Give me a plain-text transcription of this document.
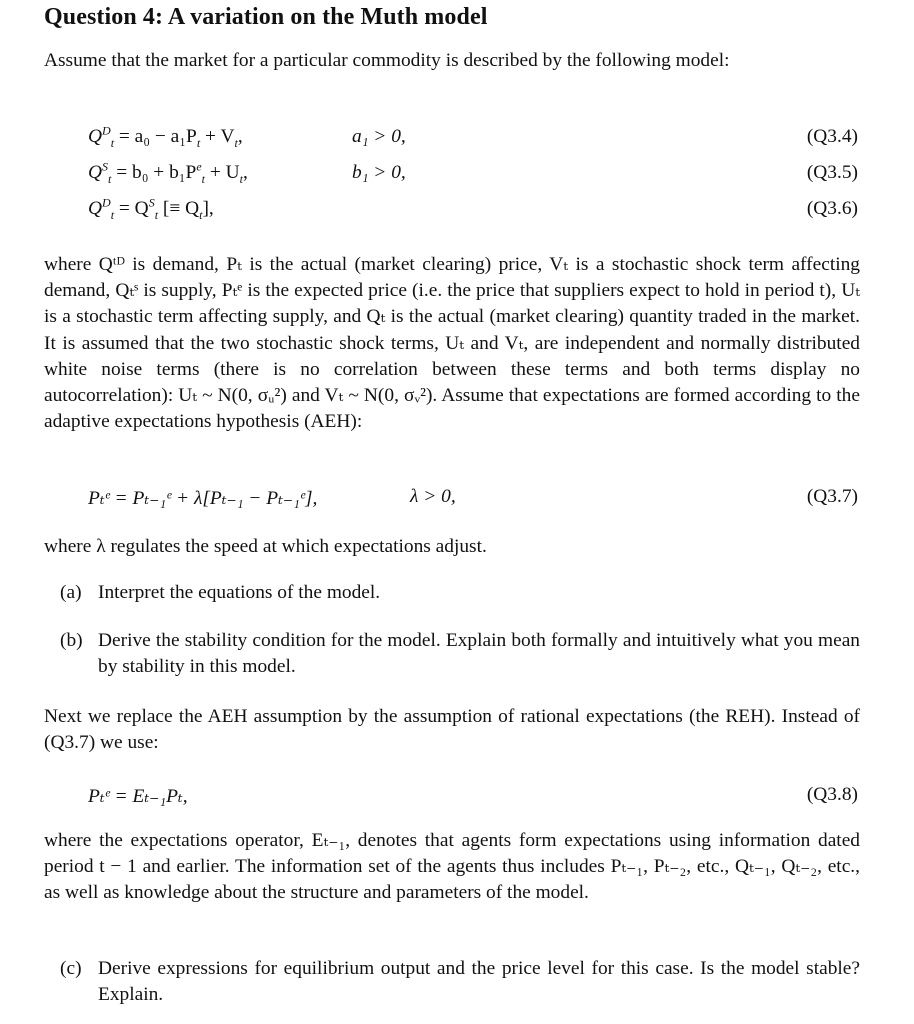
Question 4: A variation on the Muth model

Assume that the market for a particular commodity is described by the following model:

$Q^D_t = a_0 - a_1P_t + V_t$,	a₁ > 0,	(Q3.4)
$Q^S_t = b_0 + b_1P^e_t + U_t$,	b₁ > 0,	(Q3.5)
$Q^D_t = Q^S_t$ [≡ $Q_t$],	(Q3.6)

where Qᵗᴰ is demand, Pₜ is the actual (market clearing) price, Vₜ is a stochastic shock term affecting demand, Qₜˢ is supply, Pₜᵉ is the expected price (i.e. the price that suppliers expect to hold in period t), Uₜ is a stochastic term affecting supply, and Qₜ is the actual (market clearing) quantity traded in the market. It is assumed that the two stochastic shock terms, Uₜ and Vₜ, are independent and normally distributed white noise terms (there is no correlation between these terms and both terms display no autocorrelation): Uₜ ~ N(0, σᵤ²) and Vₜ ~ N(0, σᵥ²). Assume that expectations are formed according to the adaptive expectations hypothesis (AEH):

Pₜᵉ = Pₜ₋₁ᵉ + λ[Pₜ₋₁ − Pₜ₋₁ᵉ],	λ > 0,	(Q3.7)

where λ regulates the speed at which expectations adjust.

(a) Interpret the equations of the model.
(b) Derive the stability condition for the model. Explain both formally and intuitively what you mean by stability in this model.

Next we replace the AEH assumption by the assumption of rational expectations (the REH). Instead of (Q3.7) we use:

Pₜᵉ = Eₜ₋₁Pₜ,	(Q3.8)

where the expectations operator, Eₜ₋₁, denotes that agents form expectations using information dated period t − 1 and earlier. The information set of the agents thus includes Pₜ₋₁, Pₜ₋₂, etc., Qₜ₋₁, Qₜ₋₂, etc., as well as knowledge about the structure and parameters of the model.

(c) Derive expressions for equilibrium output and the price level for this case. Is the model stable? Explain.
